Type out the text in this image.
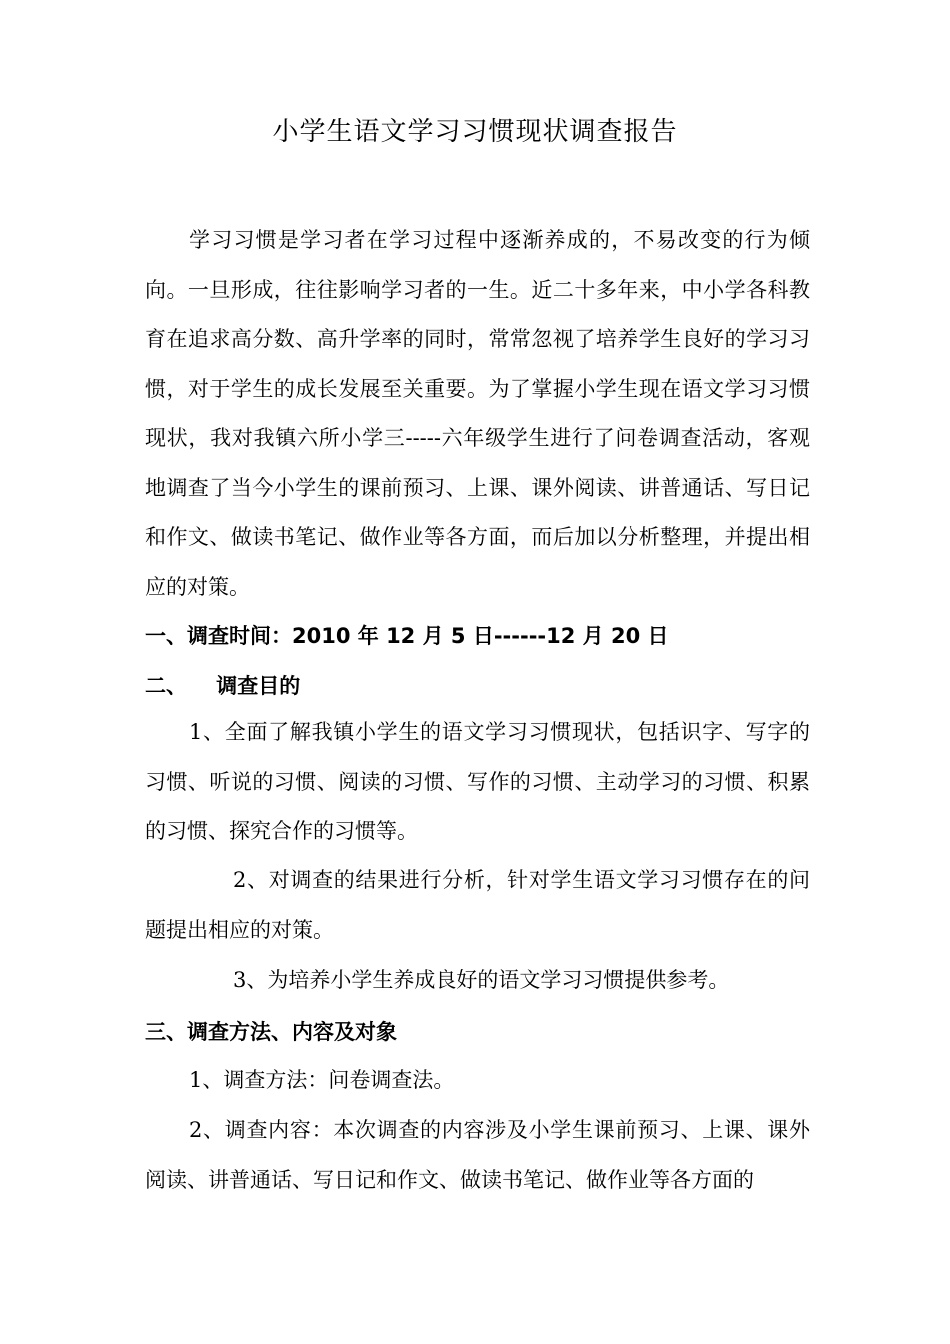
小学生语文学习习惯现状调查报告

学习习惯是学习者在学习过程中逐渐养成的，不易改变的行为倾向。一旦形成，往往影响学习者的一生。近二十多年来，中小学各科教育在追求高分数、高升学率的同时，常常忽视了培养学生良好的学习习惯，对于学生的成长发展至关重要。为了掌握小学生现在语文学习习惯现状，我对我镇六所小学三-----六年级学生进行了问卷调查活动，客观地调查了当今小学生的课前预习、上课、课外阅读、讲普通话、写日记和作文、做读书笔记、做作业等各方面，而后加以分析整理，并提出相应的对策。

一、调查时间：2010 年 12 月 5 日------12 月 20 日

二、    调查目的

1、全面了解我镇小学生的语文学习习惯现状，包括识字、写字的习惯、听说的习惯、阅读的习惯、写作的习惯、主动学习的习惯、积累的习惯、探究合作的习惯等。

2、对调查的结果进行分析，针对学生语文学习习惯存在的问题提出相应的对策。

3、为培养小学生养成良好的语文学习习惯提供参考。

三、调查方法、内容及对象

1、调查方法：问卷调查法。

2、调查内容：本次调查的内容涉及小学生课前预习、上课、课外阅读、讲普通话、写日记和作文、做读书笔记、做作业等各方面的
